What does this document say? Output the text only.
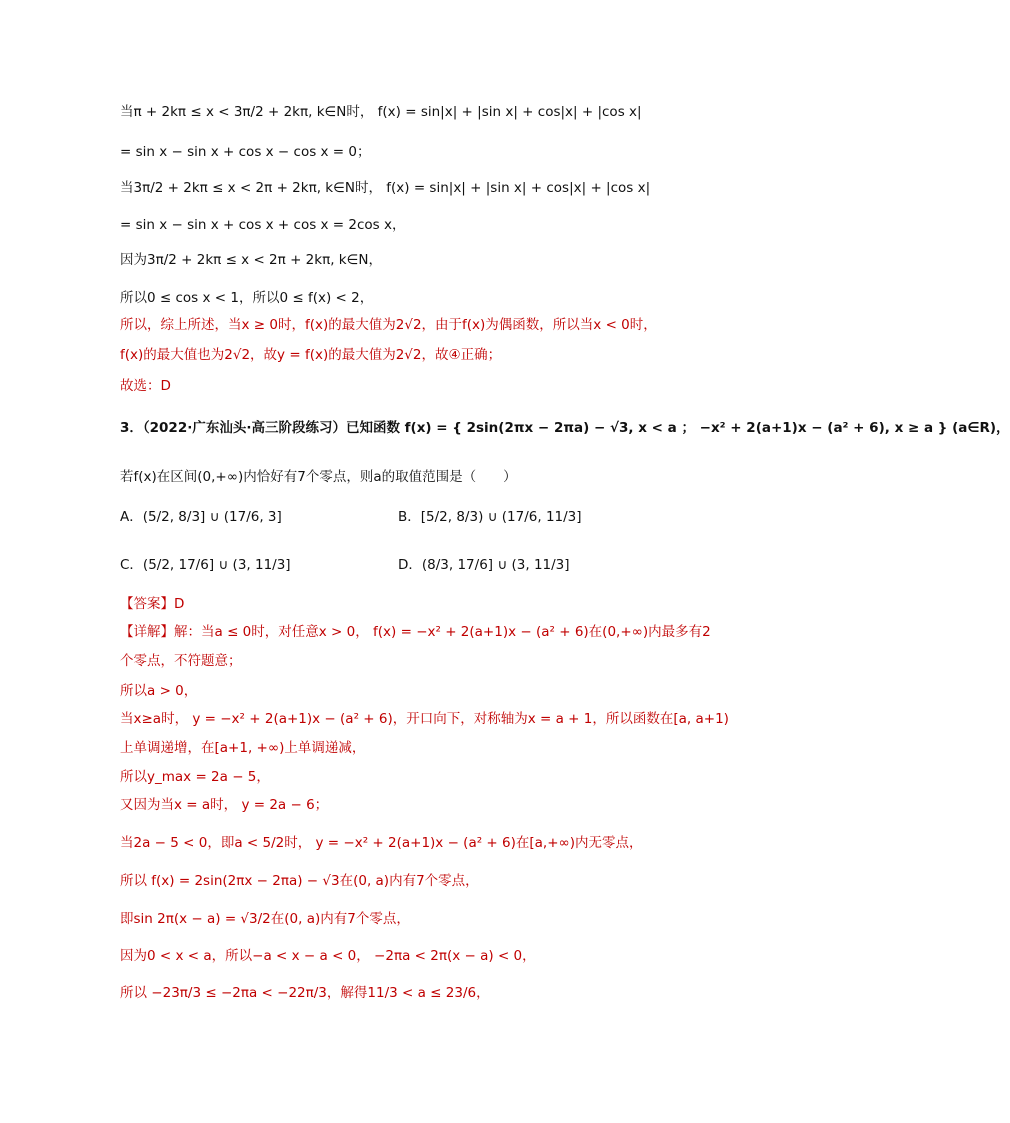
当π + 2kπ ≤ x < 3π/2 + 2kπ, k∈N时， f(x) = sin|x| + |sin x| + cos|x| + |cos x|
= sin x − sin x + cos x − cos x = 0；
当3π/2 + 2kπ ≤ x < 2π + 2kπ, k∈N时， f(x) = sin|x| + |sin x| + cos|x| + |cos x|
= sin x − sin x + cos x + cos x = 2cos x，
因为3π/2 + 2kπ ≤ x < 2π + 2kπ, k∈N，
所以0 ≤ cos x < 1，所以0 ≤ f(x) < 2，
所以，综上所述，当x ≥ 0时，f(x)的最大值为2√2，由于f(x)为偶函数，所以当x < 0时，
f(x)的最大值也为2√2，故y = f(x)的最大值为2√2，故④正确；
故选：D
3．（2022·广东汕头·高三阶段练习）已知函数 f(x) = { 2sin(2πx − 2πa) − √3, x < a ； −x² + 2(a+1)x − (a² + 6), x ≥ a } (a∈R)，
若f(x)在区间(0,+∞)内恰好有7个零点，则a的取值范围是（　　）
A．(5/2, 8/3] ∪ (17/6, 3]	B．[5/2, 8/3) ∪ (17/6, 11/3]
C．(5/2, 17/6] ∪ (3, 11/3]	D．(8/3, 17/6] ∪ (3, 11/3]
【答案】D
【详解】解：当a ≤ 0时，对任意x > 0， f(x) = −x² + 2(a+1)x − (a² + 6)在(0,+∞)内最多有2
个零点，不符题意；
所以a > 0，
当x≥a时， y = −x² + 2(a+1)x − (a² + 6)，开口向下，对称轴为x = a + 1，所以函数在[a, a+1)
上单调递增，在[a+1, +∞)上单调递减，
所以y_max = 2a − 5，
又因为当x = a时， y = 2a − 6；
当2a − 5 < 0，即a < 5/2时， y = −x² + 2(a+1)x − (a² + 6)在[a,+∞)内无零点，
所以 f(x) = 2sin(2πx − 2πa) − √3在(0, a)内有7个零点，
即sin 2π(x − a) = √3/2在(0, a)内有7个零点，
因为0 < x < a，所以−a < x − a < 0， −2πa < 2π(x − a) < 0，
所以 −23π/3 ≤ −2πa < −22π/3，解得11/3 < a ≤ 23/6，
